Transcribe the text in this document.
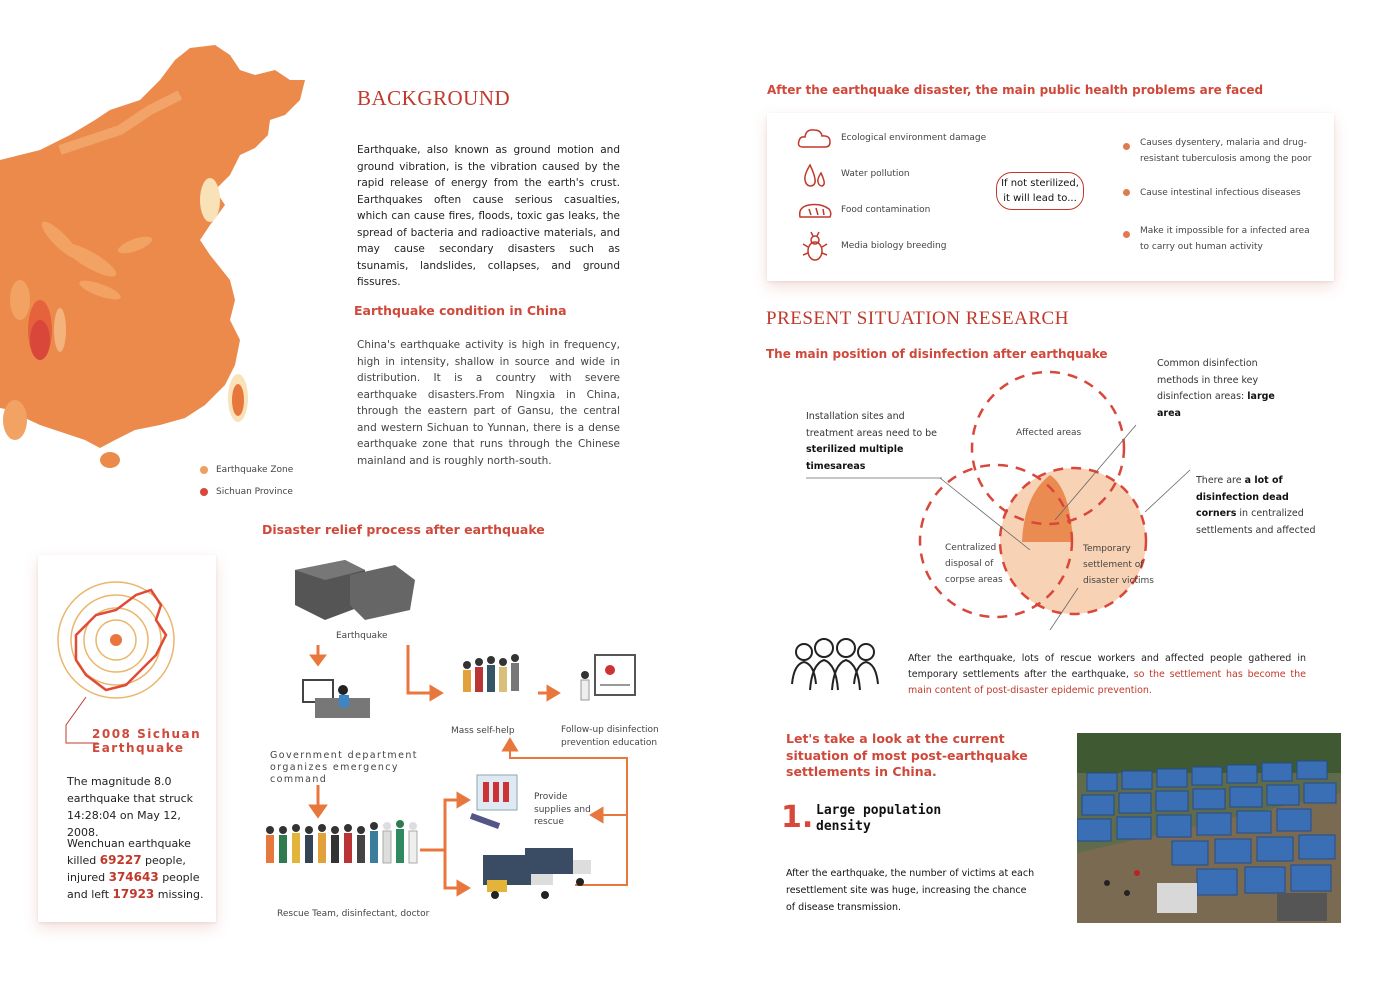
BACKGROUND
Earthquake, also known as ground motion and ground vibration, is the vibration caused by the rapid release of energy from the earth's crust. Earthquakes often cause serious casualties, which can cause fires, floods, toxic gas leaks, the spread of bacteria and radioactive materials, and may cause secondary disasters such as tsunamis, landslides, collapses, and ground fissures.
Earthquake condition in China
China's earthquake activity is high in frequency, high in intensity, shallow in source and wide in distribution. It is a country with severe earthquake disasters.From Ningxia in China, through the eastern part of Gansu, the central and western Sichuan to Yunnan, there is a dense earthquake zone that runs through the Chinese mainland and is roughly north-south.
Earthquake Zone
Sichuan Province
Disaster relief process after earthquake
2008 Sichuan
Earthquake
The magnitude 8.0 earthquake that struck 14:28:04 on May 12, 2008.
Wenchuan earthquake killed 69227 people,
injured 374643 people
and left 17923 missing.
Earthquake
Government department organizes emergency command
Mass self-help	Follow-up disinfection prevention education
Provide supplies and rescue
Rescue Team, disinfectant, doctor
After the earthquake disaster, the main public health problems are faced
Ecological environment damage
Water pollution
Food contamination
Media biology breeding
If not sterilized, it will lead to...
Causes dysentery, malaria and drug-resistant tuberculosis among the poor
Cause intestinal infectious diseases
Make it impossible for a infected area to carry out human activity
PRESENT SITUATION RESEARCH
The main position of disinfection after earthquake
Affected areas
Centralized disposal of corpse areas
Temporary settlement of disaster victims
Installation sites and treatment areas need to be sterilized multiple timesareas
Common disinfection methods in three key disinfection areas: large area
There are a lot of disinfection dead corners in centralized settlements and affected
After the earthquake, lots of rescue workers and affected people gathered in temporary settlements after the earthquake, so the settlement has become the main content of post-disaster epidemic prevention.
Let's take a look at the current situation of most post-earthquake settlements in China.
1. Large population density
After the earthquake, the number of victims at each resettlement site was huge, increasing the chance of disease transmission.
